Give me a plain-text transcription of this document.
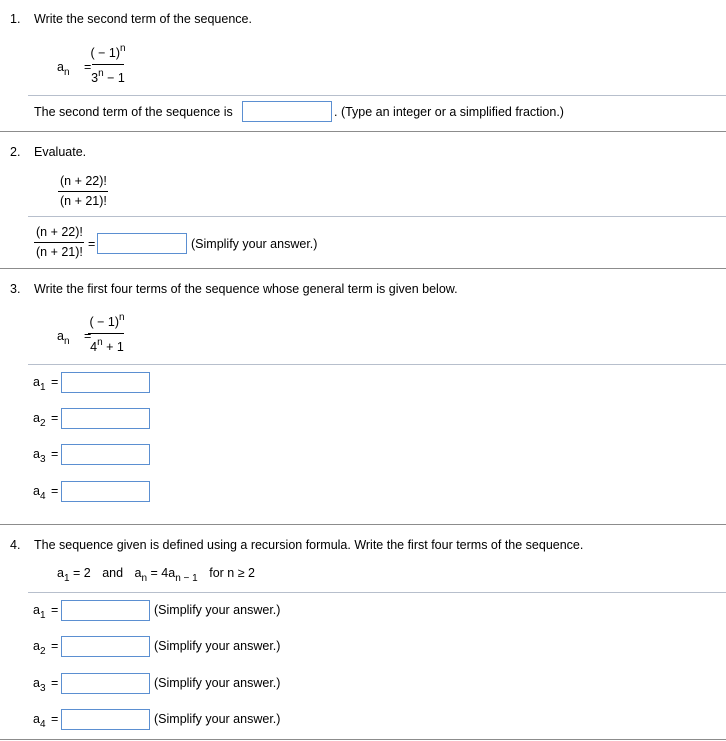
1. Write the second term of the sequence.
$a_n$ =
( − 1)$^n$
$3^n - 1$
The second term of the sequence is	. (Type an integer or a simplified fraction.)
2. Evaluate.
(n + 22)!
(n + 21)!
(n + 22)!
(n + 21)!
=	(Simplify your answer.)
3. Write the first four terms of the sequence whose general term is given below.
$a_n$ =
( − 1)$^n$
$4^n + 1$
$a_1$ =
$a_2$ =
$a_3$ =
$a_4$ =
4. The sequence given is defined using a recursion formula. Write the first four terms of the sequence.
$a_1 = 2$ and $a_n = 4a_{n - 1}$ for n ≥ 2
$a_1$ =	(Simplify your answer.)
$a_2$ =	(Simplify your answer.)
$a_3$ =	(Simplify your answer.)
$a_4$ =	(Simplify your answer.)
